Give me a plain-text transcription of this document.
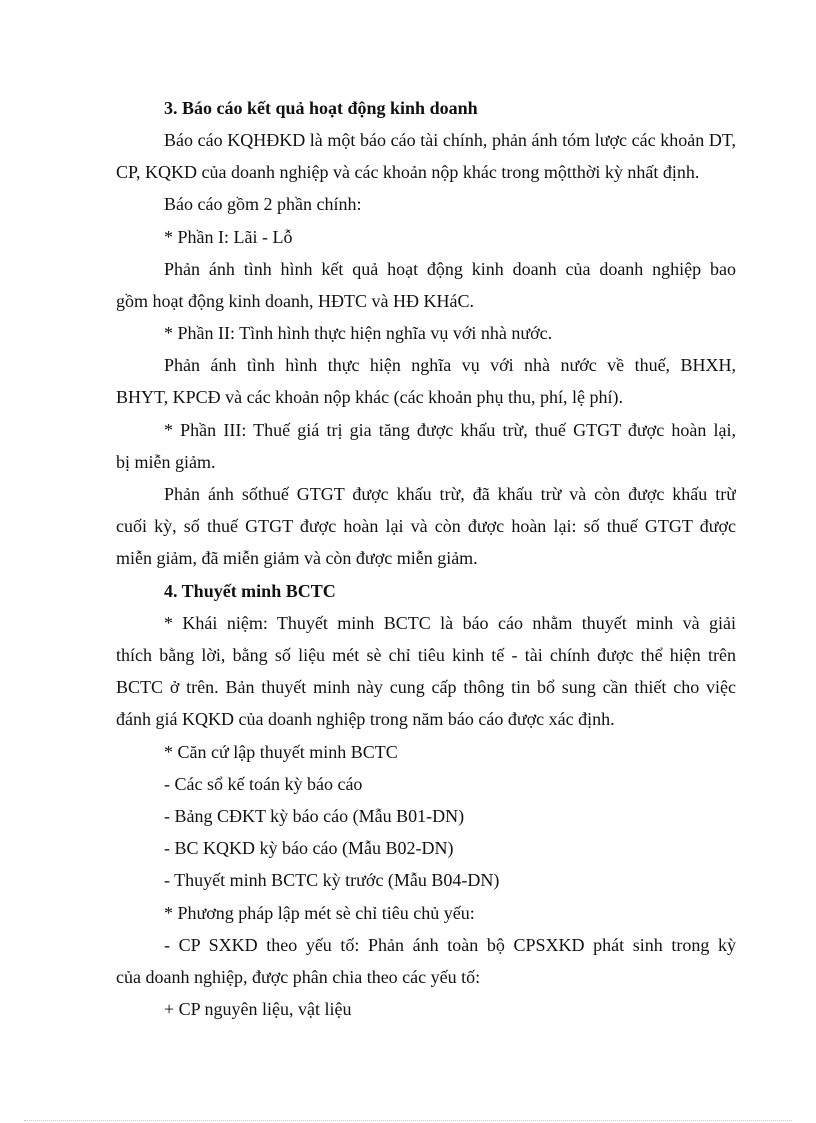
3. Báo cáo kết quả hoạt động kinh doanh
Báo cáo KQHĐKD là một báo cáo tài chính, phản ánh tóm lược các khoản DT,
CP, KQKD của doanh nghiệp và các khoản nộp khác trong mộtthời kỳ nhất định.
Báo cáo gồm 2 phần chính:
* Phần I: Lãi - Lỗ
Phản ánh tình hình kết quả hoạt động kinh doanh của doanh nghiệp bao
gồm hoạt động kinh doanh, HĐTC và HĐ KHáC.
* Phần II: Tình hình thực hiện nghĩa vụ với nhà nước.
Phản ánh tình hình thực hiện nghĩa vụ với nhà nước về thuế, BHXH,
BHYT, KPCĐ và các khoản nộp khác (các khoản phụ thu, phí, lệ phí).
* Phần III: Thuế giá trị gia tăng được khấu trừ, thuế GTGT được hoàn lại,
bị miễn giảm.
Phản ánh sốthuế GTGT được khấu trừ, đã khấu trừ và còn được khấu trừ
cuối kỳ, số thuế GTGT được hoàn lại và còn được hoàn lại: số thuế GTGT được
miễn giảm, đã miễn giảm và còn được miễn giảm.
4. Thuyết minh BCTC
* Khái niệm: Thuyết minh BCTC là báo cáo nhằm thuyết minh và giải
thích bằng lời, bằng số liệu mét sè chỉ tiêu kinh tế - tài chính được thể hiện trên
BCTC ở trên. Bản thuyết minh này cung cấp thông tin bổ sung cần thiết cho việc
đánh giá KQKD của doanh nghiệp trong năm báo cáo được xác định.
* Căn cứ lập thuyết minh BCTC
- Các sổ kế toán kỳ báo cáo
- Bảng CĐKT kỳ báo cáo (Mẫu B01-DN)
- BC KQKD kỳ báo cáo (Mẫu B02-DN)
- Thuyết minh BCTC kỳ trước (Mẫu B04-DN)
* Phương pháp lập mét sè chỉ tiêu chủ yếu:
- CP SXKD theo yếu tố: Phản ánh toàn bộ CPSXKD phát sinh trong kỳ
của doanh nghiệp, được phân chia theo các yếu tố:
+ CP nguyên liệu, vật liệu
